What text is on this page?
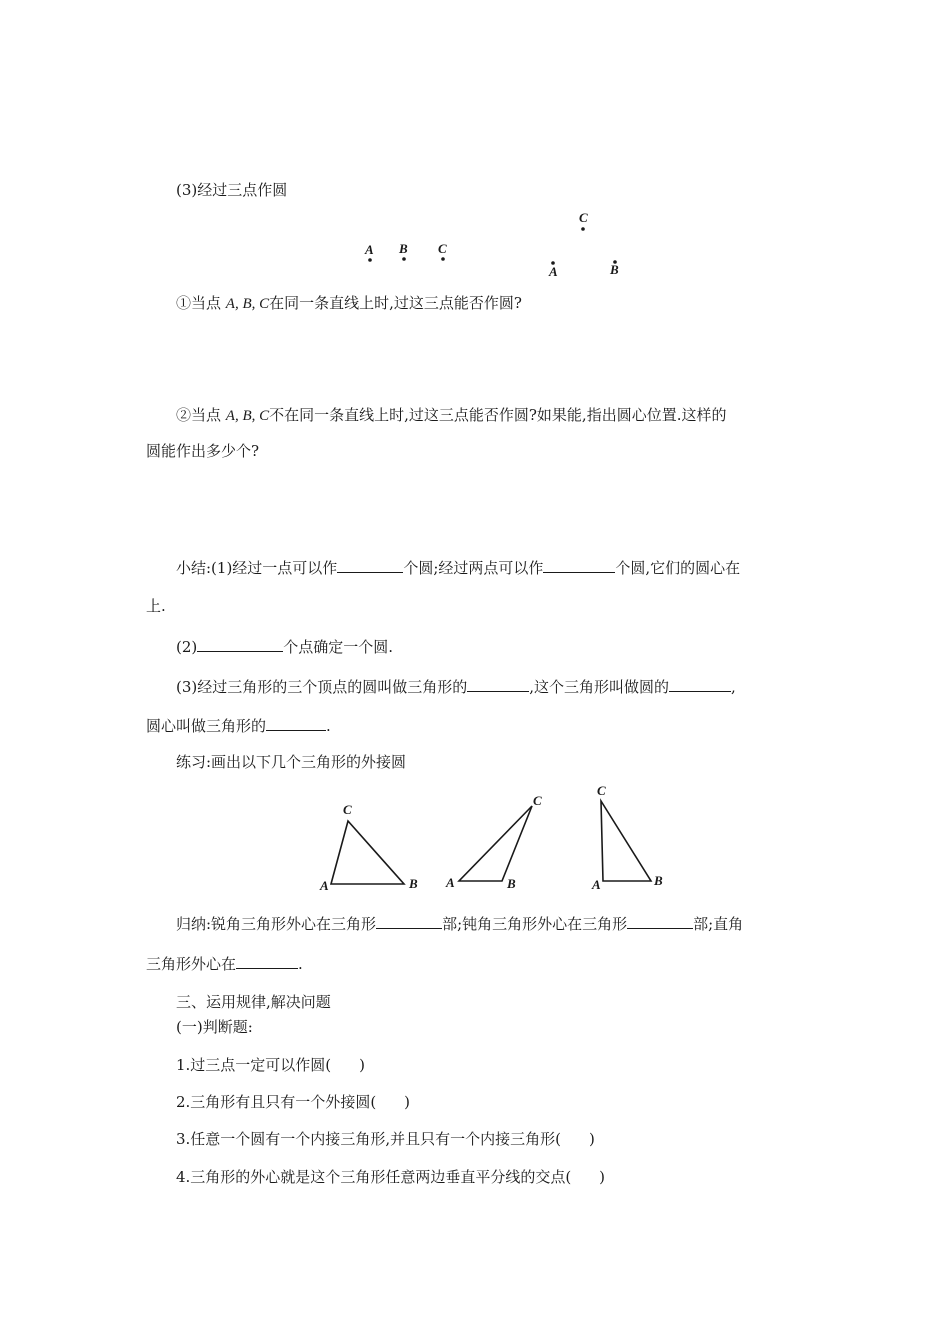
(3)经过三点作圆
①当点 A, B, C在同一条直线上时,过这三点能否作圆?
②当点 A, B, C不在同一条直线上时,过这三点能否作圆?如果能,指出圆心位置.这样的
圆能作出多少个?
小结:(1)经过一点可以作	个圆;经过两点可以作	个圆,它们的圆心在
上.
(2)	个点确定一个圆.
(3)经过三角形的三个顶点的圆叫做三角形的	,这个三角形叫做圆的	,
圆心叫做三角形的	.
练习:画出以下几个三角形的外接圆
归纳:锐角三角形外心在三角形	部;钝角三角形外心在三角形	部;直角
三角形外心在	.
三、运用规律,解决问题
(一)判断题:
1.过三点一定可以作圆( )
2.三角形有且只有一个外接圆( )
3.任意一个圆有一个内接三角形,并且只有一个内接三角形( )
4.三角形的外心就是这个三角形任意两边垂直平分线的交点( )
A B C
C
A	B
A	B
C
A	B
C
A	B
C
